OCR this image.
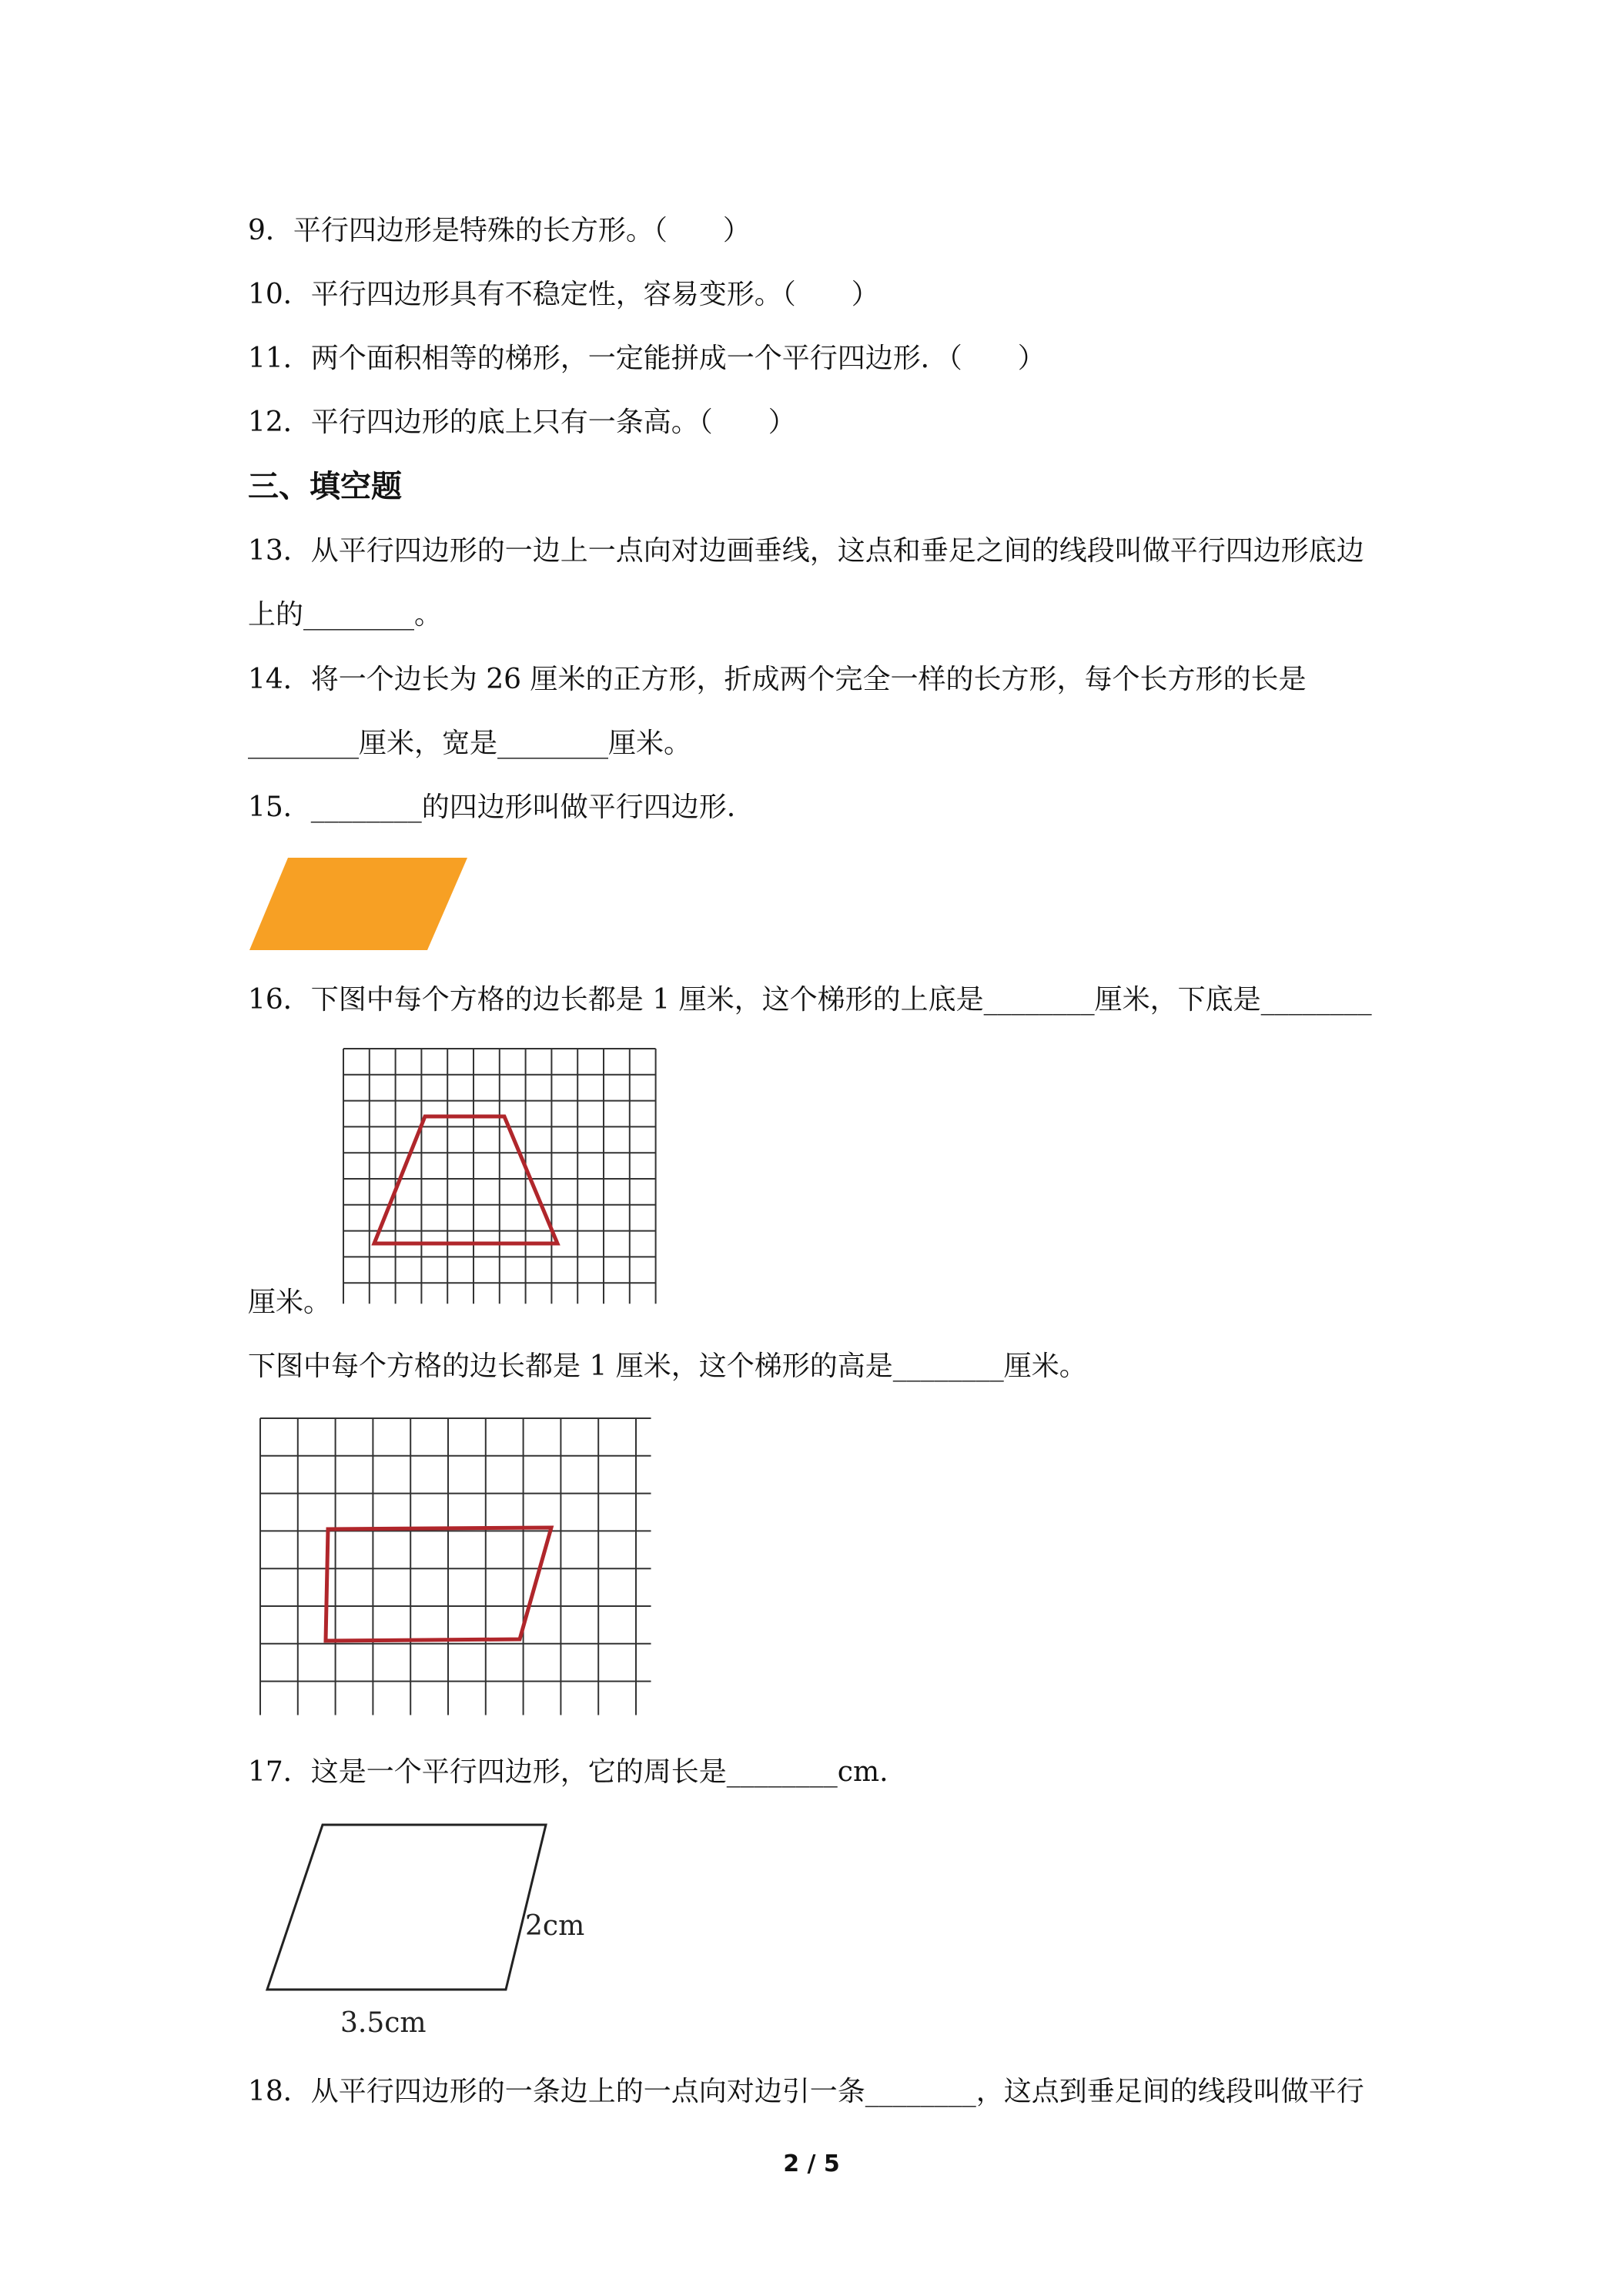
9．平行四边形是特殊的长方形。（　　）
10．平行四边形具有不稳定性，容易变形。（　　）
11．两个面积相等的梯形，一定能拼成一个平行四边形．（　　）
12．平行四边形的底上只有一条高。（　　）
三、填空题
13．从平行四边形的一边上一点向对边画垂线，这点和垂足之间的线段叫做平行四边形底边
上的________。
14．将一个边长为 26 厘米的正方形，折成两个完全一样的长方形，每个长方形的长是
________厘米，宽是________厘米。
15．________的四边形叫做平行四边形.
16．下图中每个方格的边长都是 1 厘米，这个梯形的上底是________厘米，下底是________
厘米。
下图中每个方格的边长都是 1 厘米，这个梯形的高是________厘米。
17．这是一个平行四边形，它的周长是________cm.
2cm
3.5cm
18．从平行四边形的一条边上的一点向对边引一条________，这点到垂足间的线段叫做平行
2 / 5
